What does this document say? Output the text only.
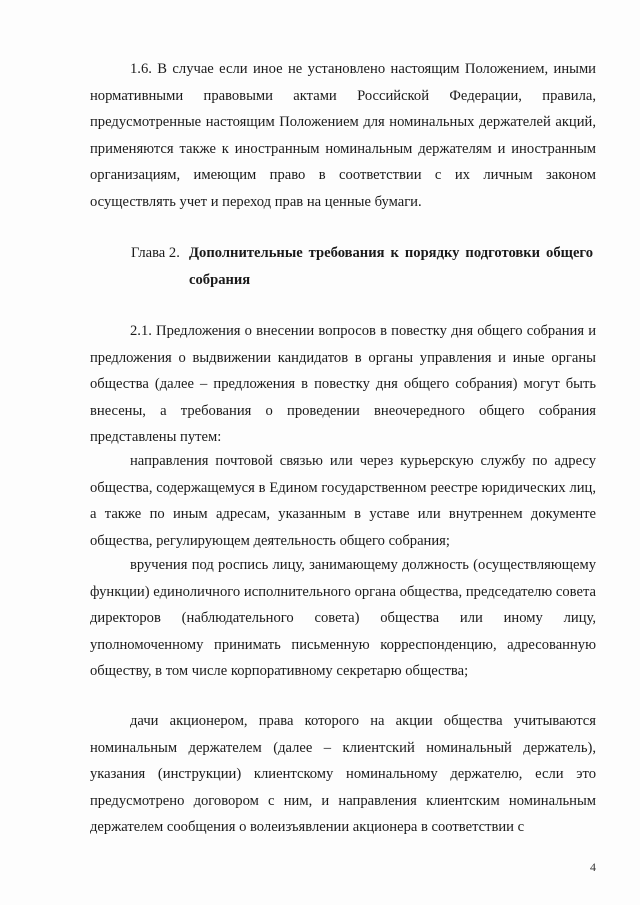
1.6. В случае если иное не установлено настоящим Положением, иными нормативными правовыми актами Российской Федерации, правила, предусмотренные настоящим Положением для номинальных держателей акций, применяются также к иностранным номинальным держателям и иностранным организациям, имеющим право в соответствии с их личным законом осуществлять учет и переход прав на ценные бумаги.

Глава 2. Дополнительные требования к порядку подготовки общего собрания

2.1. Предложения о внесении вопросов в повестку дня общего собрания и предложения о выдвижении кандидатов в органы управления и иные органы общества (далее – предложения в повестку дня общего собрания) могут быть внесены, а требования о проведении внеочередного общего собрания представлены путем:

направления почтовой связью или через курьерскую службу по адресу общества, содержащемуся в Едином государственном реестре юридических лиц, а также по иным адресам, указанным в уставе или внутреннем документе общества, регулирующем деятельность общего собрания;

вручения под роспись лицу, занимающему должность (осуществляющему функции) единоличного исполнительного органа общества, председателю совета директоров (наблюдательного совета) общества или иному лицу, уполномоченному принимать письменную корреспонденцию, адресованную обществу, в том числе корпоративному секретарю общества;

дачи акционером, права которого на акции общества учитываются номинальным держателем (далее – клиентский номинальный держатель), указания (инструкции) клиентскому номинальному держателю, если это предусмотрено договором с ним, и направления клиентским номинальным держателем сообщения о волеизъявлении акционера в соответствии с

4
